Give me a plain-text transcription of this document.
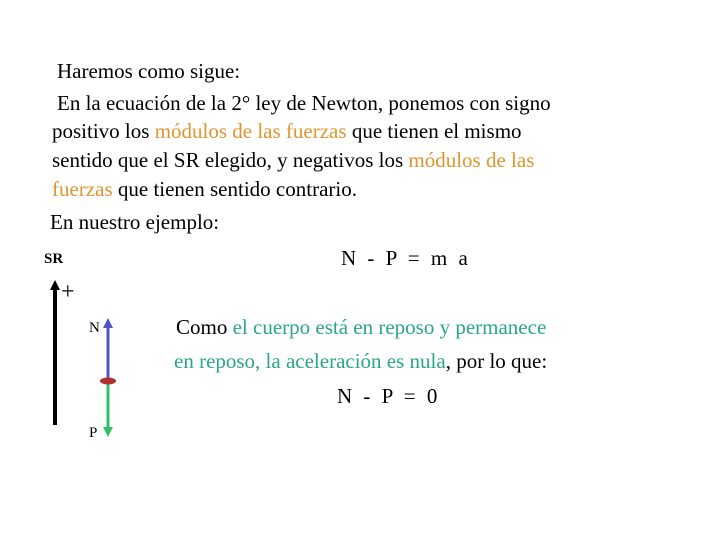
Haremos como sigue:
En la ecuación de la 2° ley de Newton, ponemos con signo
positivo los módulos de las fuerzas que tienen el mismo
sentido que el SR elegido, y negativos los módulos de las
fuerzas que tienen sentido contrario.
En nuestro ejemplo:
N - P = m a
SR
+
N
P
Como el cuerpo está en reposo y permanece
en reposo, la aceleración es nula, por lo que:
N - P = 0
